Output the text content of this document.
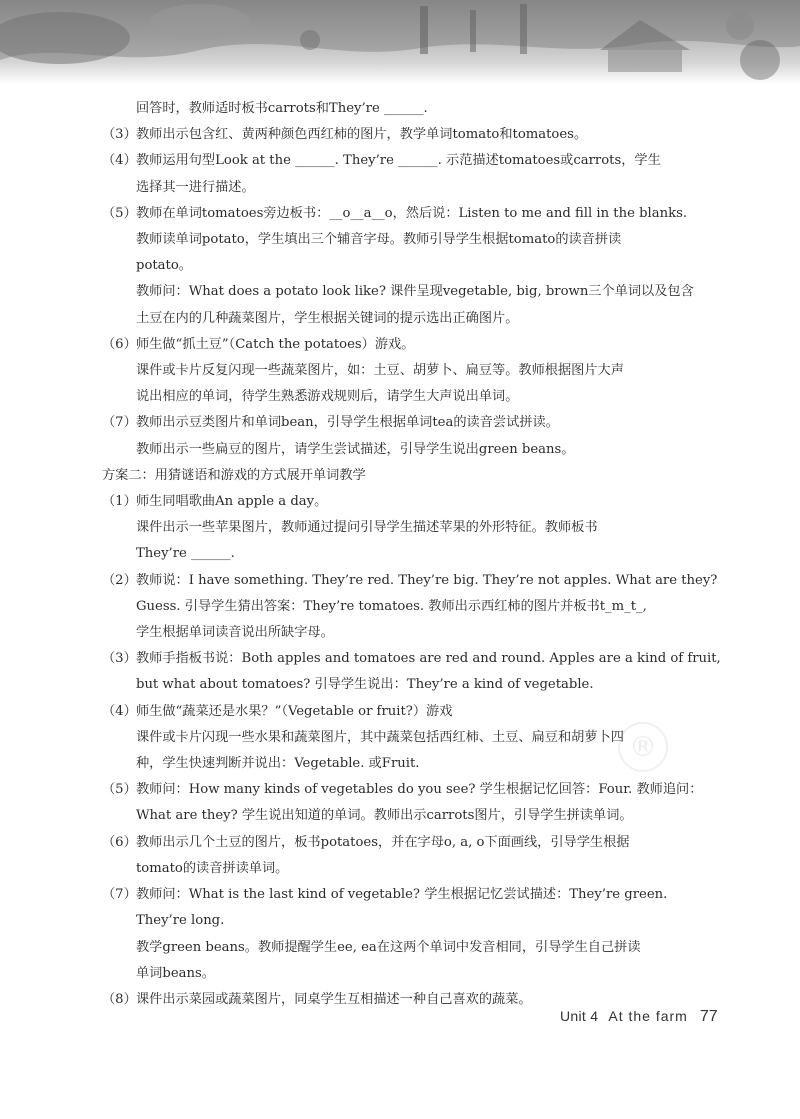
回答时，教师适时板书carrots和They’re ______.
（3） 教师出示包含红、黄两种颜色西红柿的图片，教学单词tomato和tomatoes。
（4） 教师运用句型Look at the ______. They’re ______. 示范描述tomatoes或carrots，学生
选择其一进行描述。
（5） 教师在单词tomatoes旁边板书：__o__a__o，然后说：Listen to me and fill in the blanks.
教师读单词potato，学生填出三个辅音字母。教师引导学生根据tomato的读音拼读
potato。
教师问：What does a potato look like? 课件呈现vegetable, big, brown三个单词以及包含
土豆在内的几种蔬菜图片，学生根据关键词的提示选出正确图片。
（6） 师生做“抓土豆”（Catch the potatoes）游戏。
课件或卡片反复闪现一些蔬菜图片，如：土豆、胡萝卜、扁豆等。教师根据图片大声
说出相应的单词，待学生熟悉游戏规则后，请学生大声说出单词。
（7） 教师出示豆类图片和单词bean，引导学生根据单词tea的读音尝试拼读。
教师出示一些扁豆的图片，请学生尝试描述，引导学生说出green beans。
方案二：用猜谜语和游戏的方式展开单词教学
（1） 师生同唱歌曲An apple a day。
课件出示一些苹果图片，教师通过提问引导学生描述苹果的外形特征。教师板书
They’re ______.
（2） 教师说：I have something. They’re red. They’re big. They’re not apples. What are they?
Guess. 引导学生猜出答案：They’re tomatoes. 教师出示西红柿的图片并板书t_m_t_,
学生根据单词读音说出所缺字母。
（3） 教师手指板书说：Both apples and tomatoes are red and round. Apples are a kind of fruit,
but what about tomatoes? 引导学生说出：They’re a kind of vegetable.
（4） 师生做“蔬菜还是水果？”（Vegetable or fruit?）游戏
课件或卡片闪现一些水果和蔬菜图片，其中蔬菜包括西红柿、土豆、扁豆和胡萝卜四
种，学生快速判断并说出：Vegetable. 或Fruit.
（5） 教师问：How many kinds of vegetables do you see? 学生根据记忆回答：Four. 教师追问：
What are they? 学生说出知道的单词。教师出示carrots图片，引导学生拼读单词。
（6） 教师出示几个土豆的图片，板书potatoes，并在字母o, a, o下面画线，引导学生根据
tomato的读音拼读单词。
（7） 教师问：What is the last kind of vegetable? 学生根据记忆尝试描述：They’re green.
They’re long.
教学green beans。教师提醒学生ee, ea在这两个单词中发音相同，引导学生自己拼读
单词beans。
（8） 课件出示菜园或蔬菜图片，同桌学生互相描述一种自己喜欢的蔬菜。
®
Unit 4 At the farm 77
